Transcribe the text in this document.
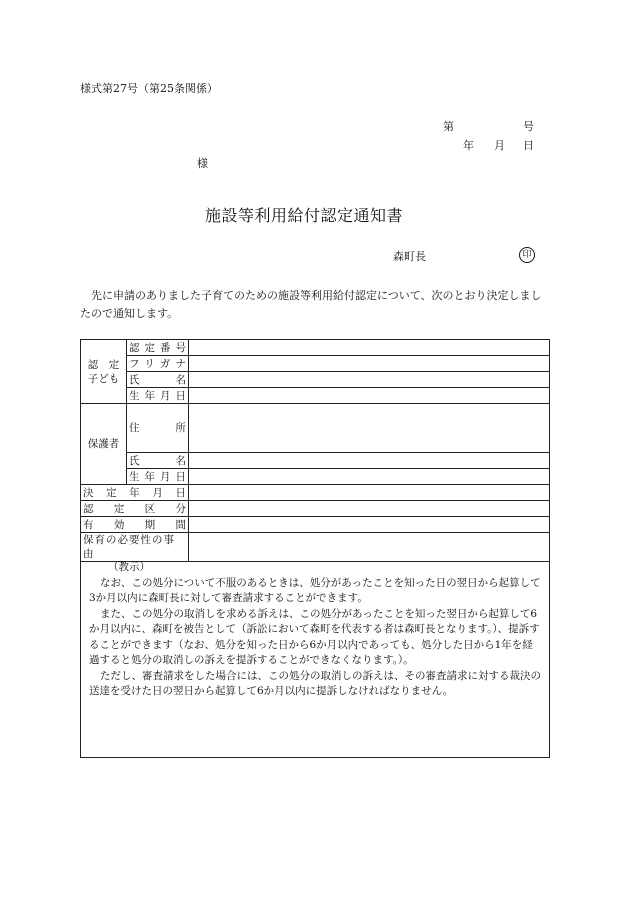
様式第27号（第25条関係）
第	号
年 月 日
様
施設等利用給付認定通知書
森町長	印
先に申請のありました子育てのための施設等利用給付認定について、次のとおり決定しましたので通知します。
認　定
子ども	認定番号	
	フリガナ	
	氏名	
	生年月日	
保護者	住所	
	氏名	
	生年月日	
決定年月日		
認定区分		
有効期間		
保育の必要性の事由		

（教示）

なお、この処分について不服のあるときは、処分があったことを知った日の翌日から起算して3か月以内に森町長に対して審査請求することができます。

また、この処分の取消しを求める訴えは、この処分があったことを知った翌日から起算して6か月以内に、森町を被告として（訴訟において森町を代表する者は森町長となります。）、提訴することができます（なお、処分を知った日から6か月以内であっても、処分した日から1年を経過すると処分の取消しの訴えを提訴することができなくなります。）。

ただし、審査請求をした場合には、この処分の取消しの訴えは、その審査請求に対する裁決の送達を受けた日の翌日から起算して6か月以内に提訴しなければなりません。
